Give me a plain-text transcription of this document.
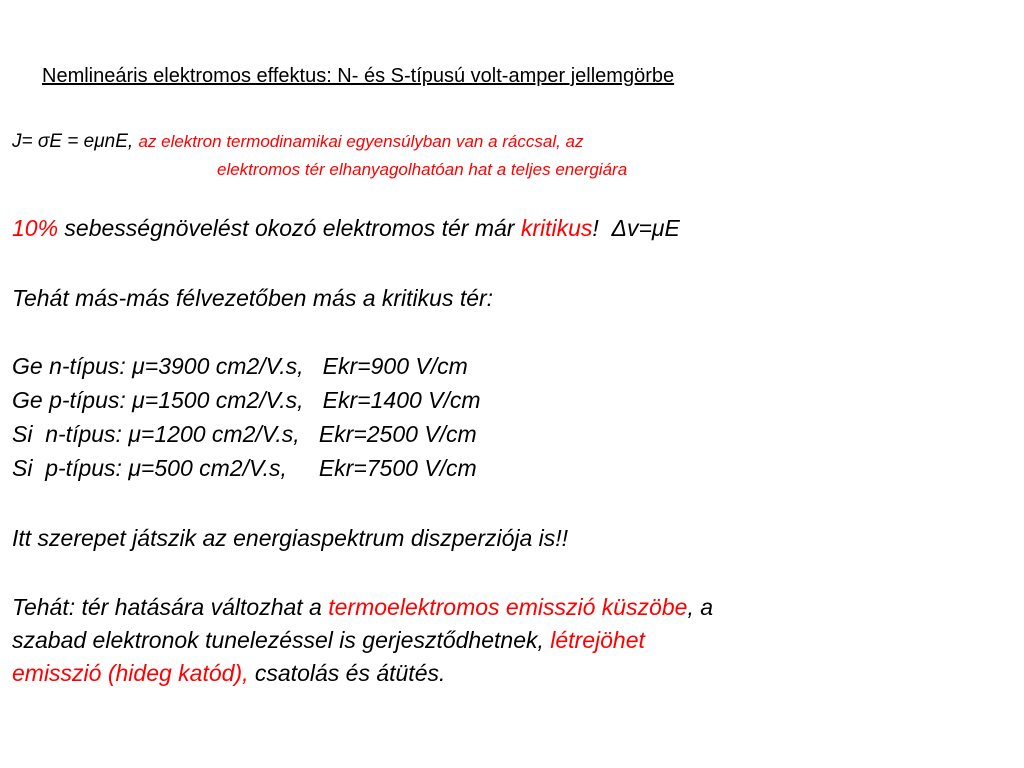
Nemlineáris elektromos effektus: N- és S-típusú volt-amper jellemgörbe
J= σE = eμnE, az elektron termodinamikai egyensúlyban van a ráccsal, az
elektromos tér elhanyagolhatóan hat a teljes energiára
10% sebességnövelést okozó elektromos tér már kritikus!  Δv=μE
Tehát más-más félvezetőben más a kritikus tér:
Ge n-típus: μ=3900 cm2/V.s,   Ekr=900 V/cm
Ge p-típus: μ=1500 cm2/V.s,   Ekr=1400 V/cm
Si  n-típus: μ=1200 cm2/V.s,   Ekr=2500 V/cm
Si  p-típus: μ=500 cm2/V.s,     Ekr=7500 V/cm
Itt szerepet játszik az energiaspektrum diszperziója is!!
Tehát: tér hatására változhat a termoelektromos emisszió küszöbe, a
szabad elektronok tunelezéssel is gerjesztődhetnek, létrejöhet
emisszió (hideg katód), csatolás és átütés.
